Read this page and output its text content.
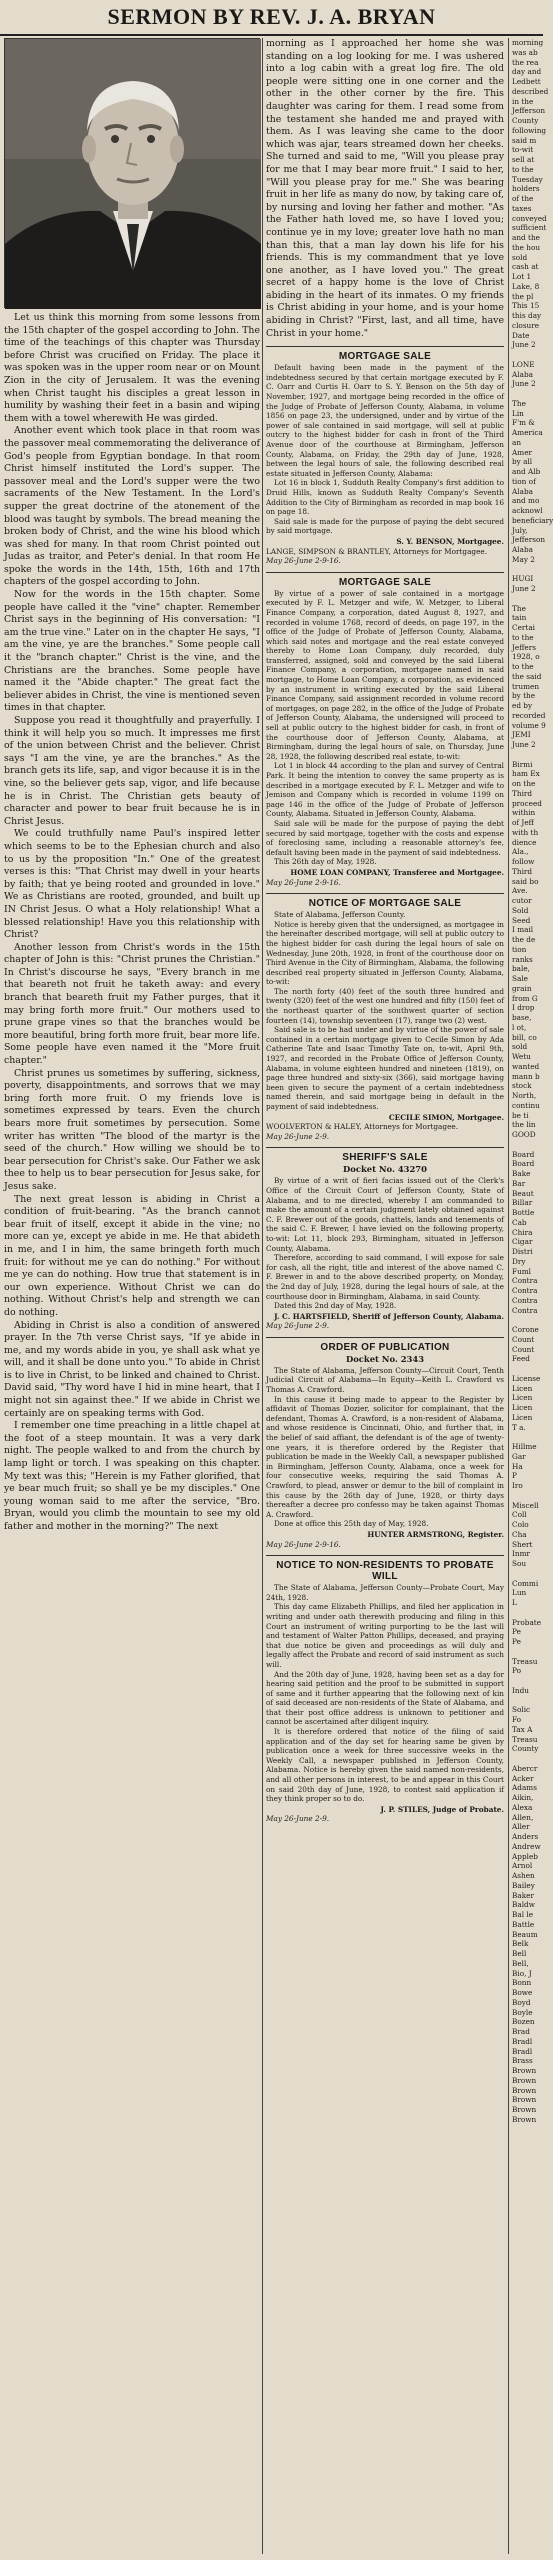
SERMON BY REV. J. A. BRYAN

Let us think this morning from some lessons from the 15th chapter of the gospel according to John. The time of the teachings of this chapter was Thursday before Christ was crucified on Friday. The place it was spoken was in the upper room near or on Mount Zion in the city of Jerusalem. It was the evening when Christ taught his disciples a great lesson in humility by washing their feet in a basin and wiping them with a towel wherewith He was girded.

Another event which took place in that room was the passover meal commemorating the deliverance of God's people from Egyptian bondage. In that room Christ himself instituted the Lord's supper. The passover meal and the Lord's supper were the two sacraments of the New Testament. In the Lord's supper the great doctrine of the atonement of the blood was taught by symbols. The bread meaning the broken body of Christ, and the wine his blood which was shed for many. In that room Christ pointed out Judas as traitor, and Peter's denial. In that room He spoke the words in the 14th, 15th, 16th and 17th chapters of the gospel according to John.

Now for the words in the 15th chapter. Some people have called it the "vine" chapter. Remember Christ says in the beginning of His conversation: "I am the true vine." Later on in the chapter He says, "I am the vine, ye are the branches." Some people call it the "branch chapter." Christ is the vine, and the Christians are the branches. Some people have named it the "Abide chapter." The great fact the believer abides in Christ, the vine is mentioned seven times in that chapter.

Suppose you read it thoughtfully and prayerfully. I think it will help you so much. It impresses me first of the union between Christ and the believer. Christ says "I am the vine, ye are the branches." As the branch gets its life, sap, and vigor because it is in the vine, so the believer gets sap, vigor, and life because he is in Christ. The Christian gets beauty of character and power to bear fruit because he is in Christ Jesus.

We could truthfully name Paul's inspired letter which seems to be to the Ephesian church and also to us by the proposition "In." One of the greatest verses is this: "That Christ may dwell in your hearts by faith; that ye being rooted and grounded in love." We as Christians are rooted, grounded, and built up IN Christ Jesus. O what a Holy relationship! What a blessed relationship! Have you this relationship with Christ?

Another lesson from Christ's words in the 15th chapter of John is this: "Christ prunes the Christian." In Christ's discourse he says, "Every branch in me that beareth not fruit he taketh away: and every branch that beareth fruit my Father purges, that it may bring forth more fruit." Our mothers used to prune grape vines so that the branches would be more beautiful, bring forth more fruit, bear more life. Some people have even named it the "More fruit chapter."

Christ prunes us sometimes by suffering, sickness, poverty, disappointments, and sorrows that we may bring forth more fruit. O my friends love is sometimes expressed by tears. Even the church bears more fruit sometimes by persecution. Some writer has written "The blood of the martyr is the seed of the church." How willing we should be to bear persecution for Christ's sake. Our Father we ask thee to help us to bear persecution for Jesus sake, for Jesus sake.

The next great lesson is abiding in Christ a condition of fruit-bearing. "As the branch cannot bear fruit of itself, except it abide in the vine; no more can ye, except ye abide in me. He that abideth in me, and I in him, the same bringeth forth much fruit: for without me ye can do nothing." For without me ye can do nothing. How true that statement is in our own experience. Without Christ we can do nothing. Without Christ's help and strength we can do nothing.

Abiding in Christ is also a condition of answered prayer. In the 7th verse Christ says, "If ye abide in me, and my words abide in you, ye shall ask what ye will, and it shall be done unto you." To abide in Christ is to live in Christ, to be linked and chained to Christ. David said, "Thy word have I hid in mine heart, that I might not sin against thee." If we abide in Christ we certainly are on speaking terms with God.

I remember one time preaching in a little chapel at the foot of a steep mountain. It was a very dark night. The people walked to and from the church by lamp light or torch. I was speaking on this chapter. My text was this; "Herein is my Father glorified, that ye bear much fruit; so shall ye be my disciples." One young woman said to me after the service, "Bro. Bryan, would you climb the mountain to see my old father and mother in the morning?" The next

morning as I approached her home she was standing on a log looking for me. I was ushered into a log cabin with a great log fire. The old people were sitting one in one corner and the other in the other corner by the fire. This daughter was caring for them. I read some from the testament she handed me and prayed with them. As I was leaving she came to the door which was ajar, tears streamed down her cheeks. She turned and said to me, "Will you please pray for me that I may bear more fruit." I said to her, "Will you please pray for me." She was bearing fruit in her life as many do now, by taking care of, by nursing and loving her father and mother. "As the Father hath loved me, so have I loved you; continue ye in my love; greater love hath no man than this, that a man lay down his life for his friends. This is my commandment that ye love one another, as I have loved you." The great secret of a happy home is the love of Christ abiding in the heart of its inmates. O my friends is Christ abiding in your home, and is your home abiding in Christ? "First, last, and all time, have Christ in your home."

MORTGAGE SALE

Default having been made in the payment of the indebtedness secured by that certain mortgage executed by F. C. Oarr and Curtis H. Oarr to S. Y. Benson on the 5th day of November, 1927, and mortgage being recorded in the office of the Judge of Probate of Jefferson County, Alabama, in volume 1856 on page 23, the undersigned, under and by virtue of the power of sale contained in said mortgage, will sell at public outcry to the highest bidder for cash in front of the Third Avenue door of the courthouse at Birmingham, Jefferson County, Alabama, on Friday, the 29th day of June, 1928, between the legal hours of sale, the following described real estate situated in Jefferson County, Alabama:

Lot 16 in block 1, Sudduth Realty Company's first addition to Druid Hills, known as Sudduth Realty Company's Seventh Addition to the City of Birmingham as recorded in map book 16 on page 18.

Said sale is made for the purpose of paying the debt secured by said mortgage.

S. Y. BENSON, Mortgagee.

LANGE, SIMPSON & BRANTLEY, Attorneys for Mortgagee.

May 26-June 2-9-16.

MORTGAGE SALE

By virtue of a power of sale contained in a mortgage executed by F. L. Metzger and wife, W. Metzger, to Liberal Finance Company, a corporation, dated August 8, 1927, and recorded in volume 1768, record of deeds, on page 197, in the office of the Judge of Probate of Jefferson County, Alabama, which said notes and mortgage and the real estate conveyed thereby to Home Loan Company, duly recorded, duly transferred, assigned, sold and conveyed by the said Liberal Finance Company, a corporation, mortgagee named in said mortgage, to Home Loan Company, a corporation, as evidenced by an instrument in writing executed by the said Liberal Finance Company, said assignment recorded in volume record of mortgages, on page 282, in the office of the Judge of Probate of Jefferson County, Alabama, the undersigned will proceed to sell at public outcry to the highest bidder for cash, in front of the courthouse door of Jefferson County, Alabama, at Birmingham, during the legal hours of sale, on Thursday, June 28, 1928, the following described real estate, to-wit:

Lot 1 in block 44 according to the plan and survey of Central Park. It being the intention to convey the same property as is described in a mortgage executed by F. L. Metzger and wife to Jemison and Company which is recorded in volume 1199 on page 146 in the office of the Judge of Probate of Jefferson County, Alabama. Situated in Jefferson County, Alabama.

Said sale will be made for the purpose of paying the debt secured by said mortgage, together with the costs and expense of foreclosing same, including a reasonable attorney's fee, default having been made in the payment of said indebtedness.

This 26th day of May, 1928.

HOME LOAN COMPANY, Transferee and Mortgagee.

May 26-June 2-9-16.

NOTICE OF MORTGAGE SALE

State of Alabama, Jefferson County.

Notice is hereby given that the undersigned, as mortgagee in the hereinafter described mortgage, will sell at public outcry to the highest bidder for cash during the legal hours of sale on Wednesday, June 20th, 1928, in front of the courthouse door on Third Avenue in the City of Birmingham, Alabama, the following described real property situated in Jefferson County, Alabama, to-wit:

The north forty (40) feet of the south three hundred and twenty (320) feet of the west one hundred and fifty (150) feet of the northeast quarter of the southwest quarter of section fourteen (14), township seventeen (17), range two (2) west.

Said sale is to be had under and by virtue of the power of sale contained in a certain mortgage given to Cecile Simon by Ada Catherine Tate and Isaac Timothy Tate on, to-wit, April 9th, 1927, and recorded in the Probate Office of Jefferson County, Alabama, in volume eighteen hundred and nineteen (1819), on page three hundred and sixty-six (366), said mortgage having been given to secure the payment of a certain indebtedness named therein, and said mortgage being in default in the payment of said indebtedness.

CECILE SIMON, Mortgagee.

WOOLVERTON & HALEY, Attorneys for Mortgagee.

May 26-June 2-9.

SHERIFF'S SALE
Docket No. 43270

By virtue of a writ of fieri facias issued out of the Clerk's Office of the Circuit Court of Jefferson County, State of Alabama, and to me directed, whereby I am commanded to make the amount of a certain judgment lately obtained against C. F. Brewer out of the goods, chattels, lands and tenements of the said C. F. Brewer, I have levied on the following property, to-wit: Lot 11, block 293, Birmingham, situated in Jefferson County, Alabama.

Therefore, according to said command, I will expose for sale for cash, all the right, title and interest of the above named C. F. Brewer in and to the above described property, on Monday, the 2nd day of July, 1928, during the legal hours of sale, at the courthouse door in Birmingham, Alabama, in said County.

Dated this 2nd day of May, 1928.

J. C. HARTSFIELD, Sheriff of Jefferson County, Alabama.

May 26-June 2-9.

ORDER OF PUBLICATION
Docket No. 2343

The State of Alabama, Jefferson County—Circuit Court, Tenth Judicial Circuit of Alabama—In Equity—Keith L. Crawford vs Thomas A. Crawford.

In this cause it being made to appear to the Register by affidavit of Thomas Dozier, solicitor for complainant, that the defendant, Thomas A. Crawford, is a non-resident of Alabama, and whose residence is Cincinnati, Ohio, and further that, in the belief of said affiant, the defendant is of the age of twenty-one years, it is therefore ordered by the Register that publication be made in the Weekly Call, a newspaper published in Birmingham, Jefferson County, Alabama, once a week for four consecutive weeks, requiring the said Thomas A. Crawford, to plead, answer or demur to the bill of complaint in this cause by the 26th day of June, 1928, or thirty days thereafter a decree pro confesso may be taken against Thomas A. Crawford.

Done at office this 25th day of May, 1928.

HUNTER ARMSTRONG, Register.

May 26-June 2-9-16.

NOTICE TO NON-RESIDENTS TO PROBATE WILL

The State of Alabama, Jefferson County—Probate Court, May 24th, 1928.

This day came Elizabeth Phillips, and filed her application in writing and under oath therewith producing and filing in this Court an instrument of writing purporting to be the last will and testament of Walter Patton Phillips, deceased, and praying that due notice be given and proceedings as will duly and legally affect the Probate and record of said instrument as such will.

And the 20th day of June, 1928, having been set as a day for hearing said petition and the proof to be submitted in support of same and it further appearing that the following next of kin of said deceased are non-residents of the State of Alabama, and that their post office address is unknown to petitioner and cannot be ascertained after diligent inquiry.

It is therefore ordered that notice of the filing of said application and of the day set for hearing same be given by publication once a week for three successive weeks in the Weekly Call, a newspaper published in Jefferson County, Alabama. Notice is hereby given the said named non-residents, and all other persons in interest, to be and appear in this Court on said 20th day of June, 1928, to contest said application if they think proper so to do.

J. P. STILES, Judge of Probate.

May 26-June 2-9.

morning
was ab
the rea
day and
Ledbett
described
in the
Jefferson
County
following
said m
to-wit
sell at
to the
Tuesday
holders
of the
taxes
conveyed
sufficient
and the
the hou
sold
cash at
Lot 1
Lake, 8
the pl
This 15
this day
closure
Date
June 2
LONE
Alaba
June 2
The
Lin
F'm &
America
an
Amer
by all
and Alb
tion of
Alaba
and mo
acknowl
beneficiary
July,
Jefferson
Alaba
May 2
HUGI
June 2
The
tain
Certai
to the
Jeffers
1928, o
to the
the said
trumen
by the
ed by
recorded
volume 9
JEMI
June 2
Birmi
ham Ex
on the
Third
proceed
within
of Jeff
with th
dience
Ala.,
follow
Third
said bo
Ave.
cutor
Sold
Seed
I mail
the de
tion
ranks
bale,
Sale
grain
from G
I drop
base,
l ot,
bill, co
sold
Wetu
wanted
mann b
stock
North,
continu
be ti
the lin
GOOD
Board
Board
Bake
Bar
Beaut
Billar
Bottle
Cab
Chira
Cigar
Distri
Dry
Fuml
Contra
Contra
Contra
Contra
Corone
Count
Count
Feed
License
Licen
Licen
Licen
Licen
T a.
Hillme
Gar
Ha
P
Iro
Miscell
Coll
Colo
Cha
Shert
Inmr
Sou
Commi
Lun
L
Probate
Pe
Pe
Treasu
Po
Indu
Solic
Fo
Tax A
Treasu
County
Abercr
Acker
Adams
Aikin,
Alexa
Allen,
Aller
Anders
Andrew
Appleb
Arnol
Ashen
Bailey
Baker
Baldw
Bal le
Battle
Beaum
Belk
Bell
Bell,
Bio, J
Bonn
Bowe
Boyd
Boyle
Bozen
Brad
Bradl
Bradl
Brass
Brown
Brown
Brown
Brown
Brown
Brown
